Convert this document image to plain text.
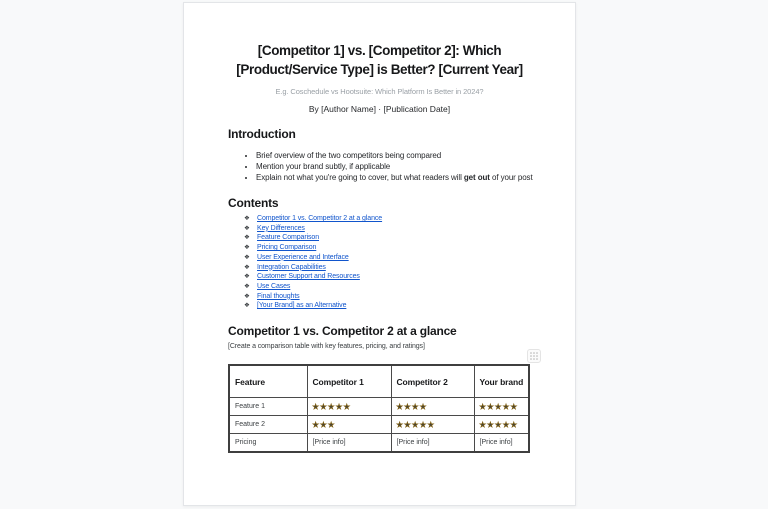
[Competitor 1] vs. [Competitor 2]: Which
[Product/Service Type] is Better? [Current Year]
E.g. Coschedule vs Hootsuite: Which Platform Is Better in 2024?
By [Author Name] · [Publication Date]
Introduction
• Brief overview of the two competitors being compared
• Mention your brand subtly, if applicable
• Explain not what you're going to cover, but what readers will get out of your post
Contents
❖	Competitor 1 vs. Competitor 2 at a glance
❖	Key Differences
❖	Feature Comparison
❖	Pricing Comparison
❖	User Experience and Interface
❖	Integration Capabilities
❖	Customer Support and Resources
❖	Use Cases
❖	Final thoughts
❖	[Your Brand] as an Alternative
Competitor 1 vs. Competitor 2 at a glance
[Create a comparison table with key features, pricing, and ratings]
Feature	Competitor 1	Competitor 2	Your brand
Feature 1	★★★★★	★★★★	★★★★★
Feature 2	★★★	★★★★★	★★★★★
Pricing	[Price info]	[Price info]	[Price info]
